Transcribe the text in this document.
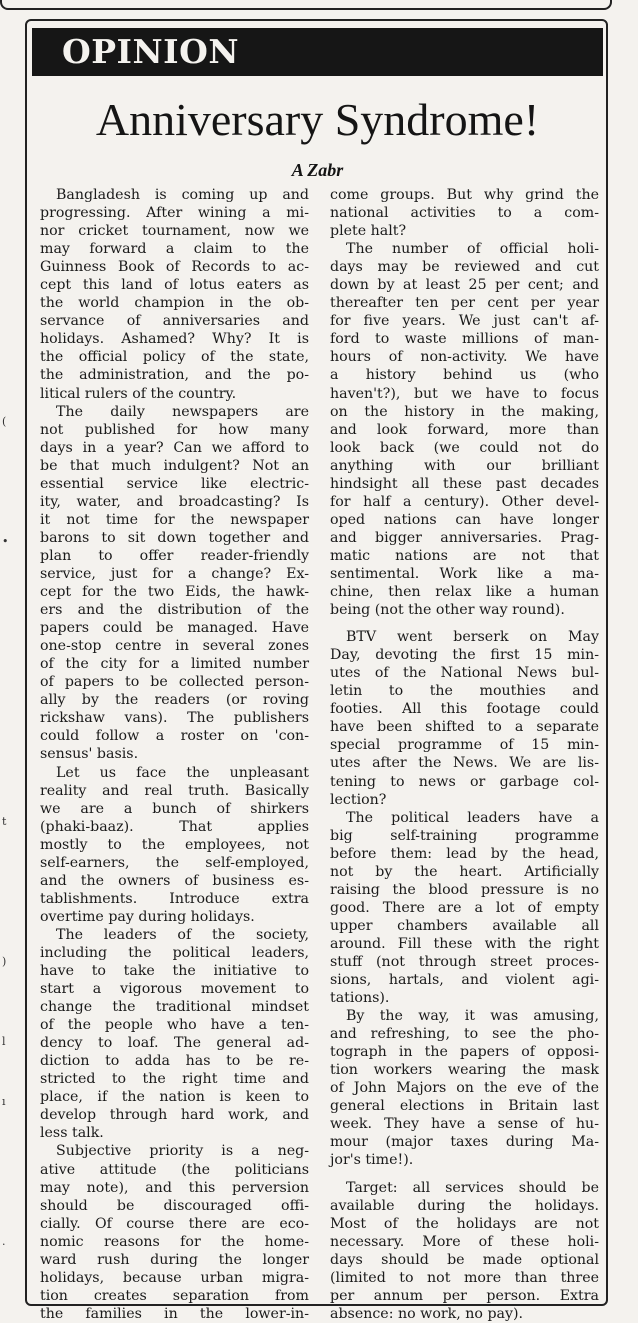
(
•
t
)
l
ı
.
OPINION
Anniversary Syndrome!
A Zabr
Bangladesh is coming up and
progressing. After wining a mi-
nor cricket tournament, now we
may forward a claim to the
Guinness Book of Records to ac-
cept this land of lotus eaters as
the world champion in the ob-
servance of anniversaries and
holidays. Ashamed? Why? It is
the official policy of the state,
the administration, and the po-
litical rulers of the country.
The daily newspapers are
not published for how many
days in a year? Can we afford to
be that much indulgent? Not an
essential service like electric-
ity, water, and broadcasting? Is
it not time for the newspaper
barons to sit down together and
plan to offer reader-friendly
service, just for a change? Ex-
cept for the two Eids, the hawk-
ers and the distribution of the
papers could be managed. Have
one-stop centre in several zones
of the city for a limited number
of papers to be collected person-
ally by the readers (or roving
rickshaw vans). The publishers
could follow a roster on 'con-
sensus' basis.
Let us face the unpleasant
reality and real truth. Basically
we are a bunch of shirkers
(phaki-baaz). That applies
mostly to the employees, not
self-earners, the self-employed,
and the owners of business es-
tablishments. Introduce extra
overtime pay during holidays.
The leaders of the society,
including the political leaders,
have to take the initiative to
start a vigorous movement to
change the traditional mindset
of the people who have a ten-
dency to loaf. The general ad-
diction to adda has to be re-
stricted to the right time and
place, if the nation is keen to
develop through hard work, and
less talk.
Subjective priority is a neg-
ative attitude (the politicians
may note), and this perversion
should be discouraged offi-
cially. Of course there are eco-
nomic reasons for the home-
ward rush during the longer
holidays, because urban migra-
tion creates separation from
the families in the lower-in-
come groups. But why grind the
national activities to a com-
plete halt?
The number of official holi-
days may be reviewed and cut
down by at least 25 per cent; and
thereafter ten per cent per year
for five years. We just can't af-
ford to waste millions of man-
hours of non-activity. We have
a history behind us (who
haven't?), but we have to focus
on the history in the making,
and look forward, more than
look back (we could not do
anything with our brilliant
hindsight all these past decades
for half a century). Other devel-
oped nations can have longer
and bigger anniversaries. Prag-
matic nations are not that
sentimental. Work like a ma-
chine, then relax like a human
being (not the other way round).
BTV went berserk on May
Day, devoting the first 15 min-
utes of the National News bul-
letin to the mouthies and
footies. All this footage could
have been shifted to a separate
special programme of 15 min-
utes after the News. We are lis-
tening to news or garbage col-
lection?
The political leaders have a
big self-training programme
before them: lead by the head,
not by the heart. Artificially
raising the blood pressure is no
good. There are a lot of empty
upper chambers available all
around. Fill these with the right
stuff (not through street proces-
sions, hartals, and violent agi-
tations).
By the way, it was amusing,
and refreshing, to see the pho-
tograph in the papers of opposi-
tion workers wearing the mask
of John Majors on the eve of the
general elections in Britain last
week. They have a sense of hu-
mour (major taxes during Ma-
jor's time!).
Target: all services should be
available during the holidays.
Most of the holidays are not
necessary. More of these holi-
days should be made optional
(limited to not more than three
per annum per person. Extra
absence: no work, no pay).
